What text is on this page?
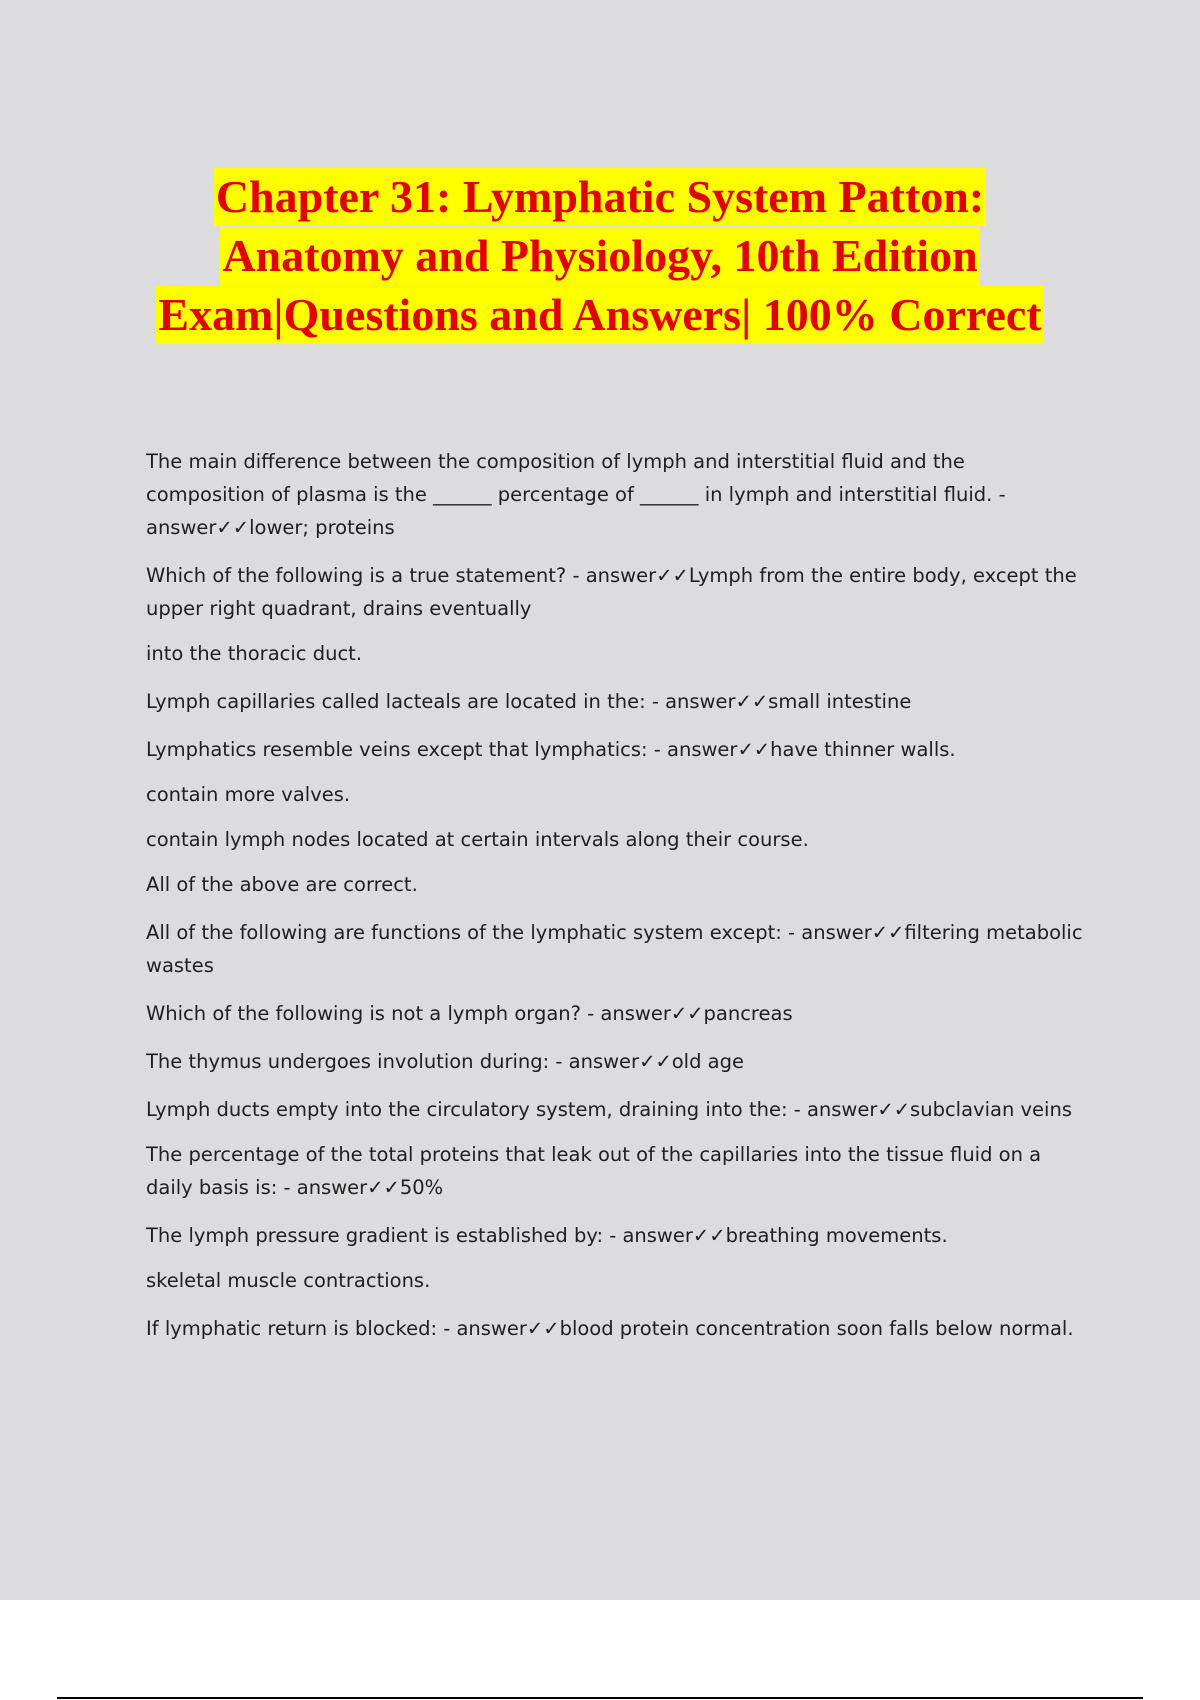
Chapter 31: Lymphatic System Patton:
Anatomy and Physiology, 10th Edition
Exam|Questions and Answers| 100% Correct

The main difference between the composition of lymph and interstitial fluid and the composition of plasma is the ______ percentage of ______ in lymph and interstitial fluid. - answer✓✓lower; proteins

Which of the following is a true statement? - answer✓✓Lymph from the entire body, except the upper right quadrant, drains eventually

into the thoracic duct.

Lymph capillaries called lacteals are located in the: - answer✓✓small intestine

Lymphatics resemble veins except that lymphatics: - answer✓✓have thinner walls.

contain more valves.

contain lymph nodes located at certain intervals along their course.

All of the above are correct.

All of the following are functions of the lymphatic system except: - answer✓✓filtering metabolic wastes

Which of the following is not a lymph organ? - answer✓✓pancreas

The thymus undergoes involution during: - answer✓✓old age

Lymph ducts empty into the circulatory system, draining into the: - answer✓✓subclavian veins

The percentage of the total proteins that leak out of the capillaries into the tissue fluid on a daily basis is: - answer✓✓50%

The lymph pressure gradient is established by: - answer✓✓breathing movements.

skeletal muscle contractions.

If lymphatic return is blocked: - answer✓✓blood protein concentration soon falls below normal.
